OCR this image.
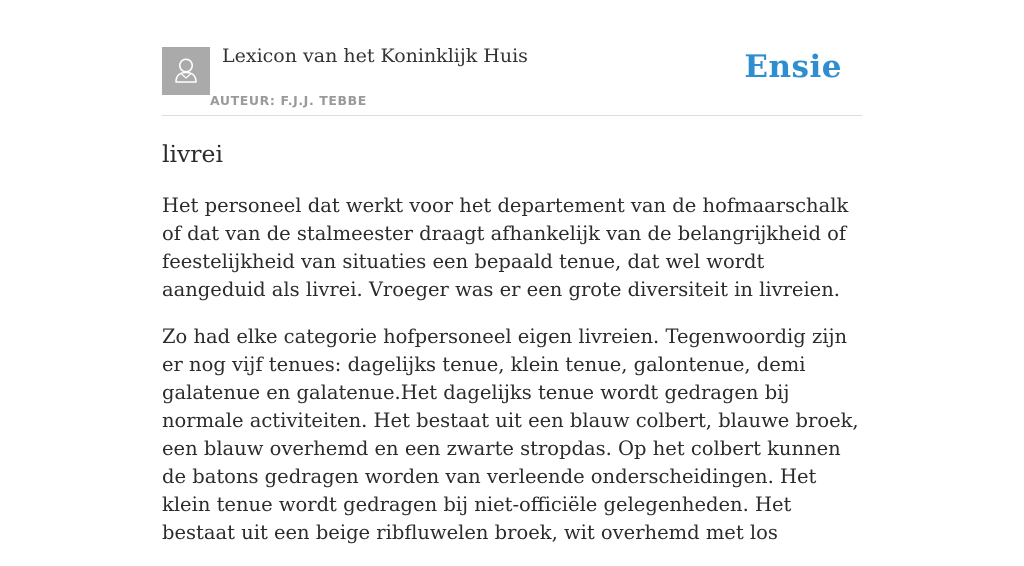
Lexicon van het Koninklijk Huis
AUTEUR: F.J.J. TEBBE
Ensie
livrei

Het personeel dat werkt voor het departement van de hofmaarschalk of dat van de stalmeester draagt afhankelijk van de belangrijkheid of feestelijkheid van situaties een bepaald tenue, dat wel wordt aangeduid als livrei. Vroeger was er een grote diversiteit in livreien.

Zo had elke categorie hofpersoneel eigen livreien. Tegenwoordig zijn er nog vijf tenues: dagelijks tenue, klein tenue, galontenue, demi galatenue en galatenue.Het dagelijks tenue wordt gedragen bij normale activiteiten. Het bestaat uit een blauw colbert, blauwe broek, een blauw overhemd en een zwarte stropdas. Op het colbert kunnen de batons gedragen worden van verleende onderscheidingen. Het klein tenue wordt gedragen bij niet-officiële gelegenheden. Het bestaat uit een beige ribfluwelen broek, wit overhemd met los
